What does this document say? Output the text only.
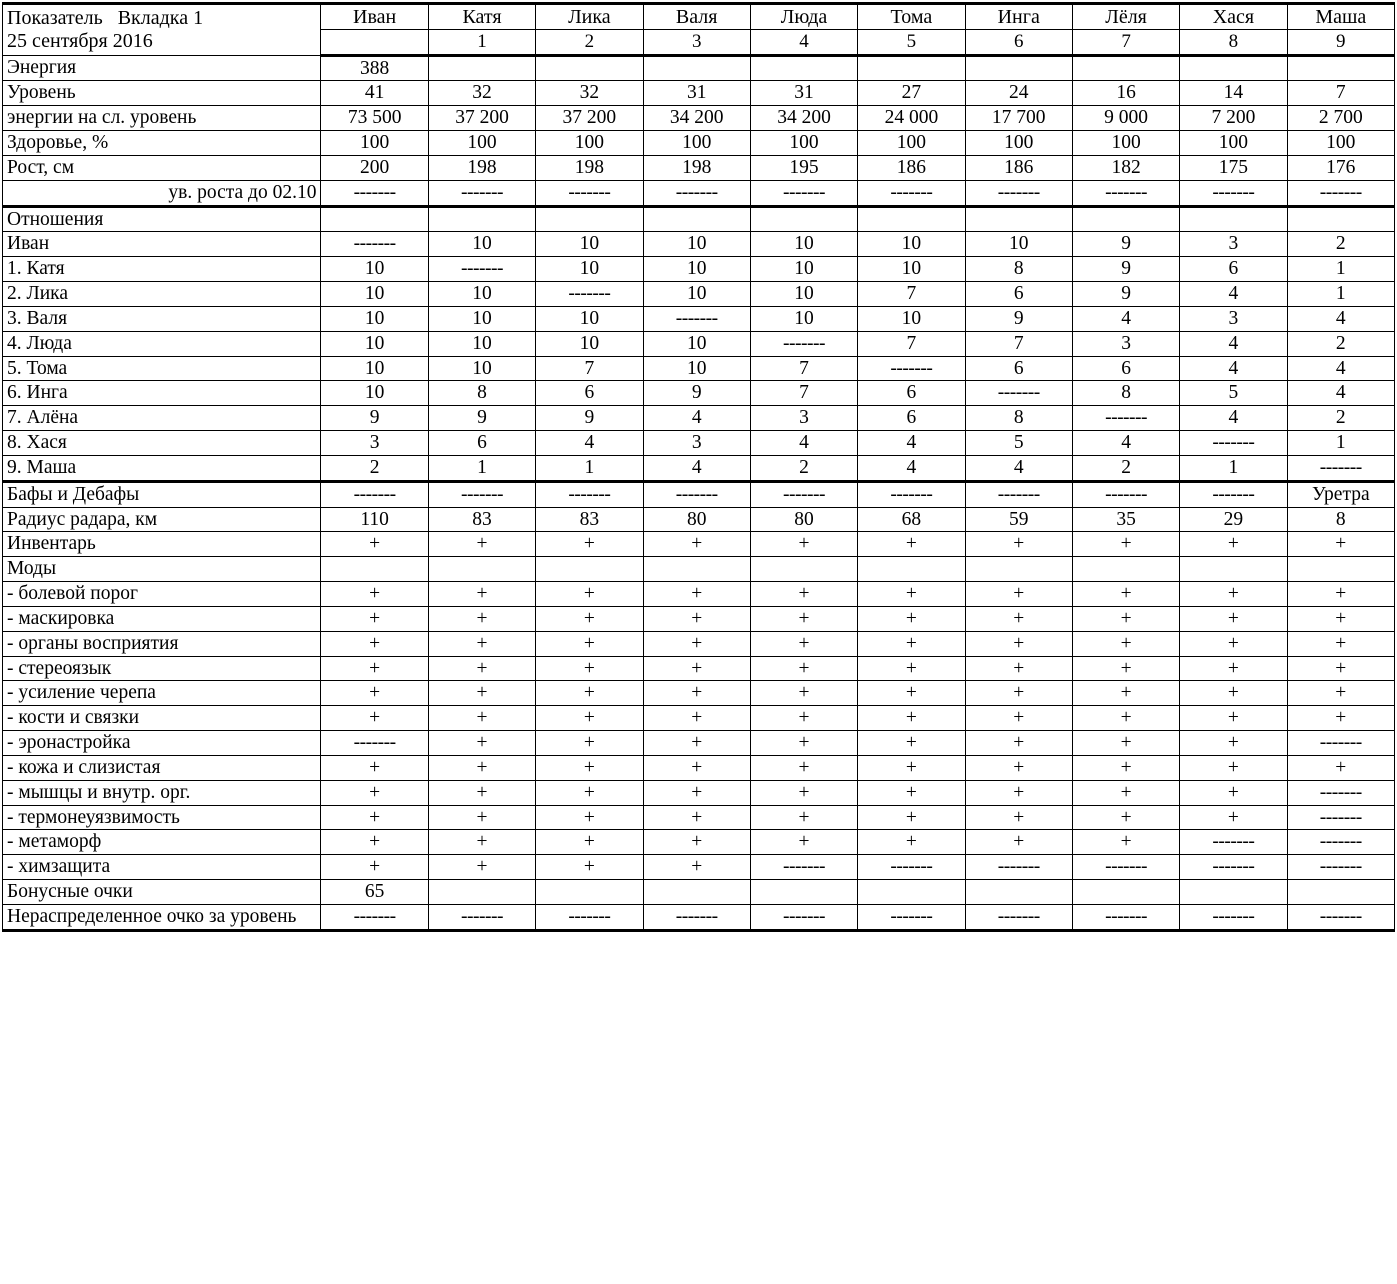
Показатель Вкладка 1
25 сентября 2016	Иван	Катя	Лика	Валя	Люда	Тома	Инга	Лёля	Хася	Маша
		1	2	3	4	5	6	7	8	9
Энергия	388									
Уровень	41	32	32	31	31	27	24	16	14	7
энергии на сл. уровень	73 500	37 200	37 200	34 200	34 200	24 000	17 700	9 000	7 200	2 700
Здоровье, %	100	100	100	100	100	100	100	100	100	100
Рост, см	200	198	198	198	195	186	186	182	175	176
ув. роста до 02.10	-------	-------	-------	-------	-------	-------	-------	-------	-------	-------
Отношения										
Иван	-------	10	10	10	10	10	10	9	3	2
1. Катя	10	-------	10	10	10	10	8	9	6	1
2. Лика	10	10	-------	10	10	7	6	9	4	1
3. Валя	10	10	10	-------	10	10	9	4	3	4
4. Люда	10	10	10	10	-------	7	7	3	4	2
5. Тома	10	10	7	10	7	-------	6	6	4	4
6. Инга	10	8	6	9	7	6	-------	8	5	4
7. Алёна	9	9	9	4	3	6	8	-------	4	2
8. Хася	3	6	4	3	4	4	5	4	-------	1
9. Маша	2	1	1	4	2	4	4	2	1	-------
Бафы и Дебафы	-------	-------	-------	-------	-------	-------	-------	-------	-------	Уретра
Радиус радара, км	110	83	83	80	80	68	59	35	29	8
Инвентарь	+	+	+	+	+	+	+	+	+	+
Моды										
- болевой порог	+	+	+	+	+	+	+	+	+	+
- маскировка	+	+	+	+	+	+	+	+	+	+
- органы восприятия	+	+	+	+	+	+	+	+	+	+
- стереоязык	+	+	+	+	+	+	+	+	+	+
- усиление черепа	+	+	+	+	+	+	+	+	+	+
- кости и связки	+	+	+	+	+	+	+	+	+	+
- эронастройка	-------	+	+	+	+	+	+	+	+	-------
- кожа и слизистая	+	+	+	+	+	+	+	+	+	+
- мышцы и внутр. орг.	+	+	+	+	+	+	+	+	+	-------
- термонеуязвимость	+	+	+	+	+	+	+	+	+	-------
- метаморф	+	+	+	+	+	+	+	+	-------	-------
- химзащита	+	+	+	+	-------	-------	-------	-------	-------	-------
Бонусные очки	65									
Нераспределенное очко за уровень	-------	-------	-------	-------	-------	-------	-------	-------	-------	-------
